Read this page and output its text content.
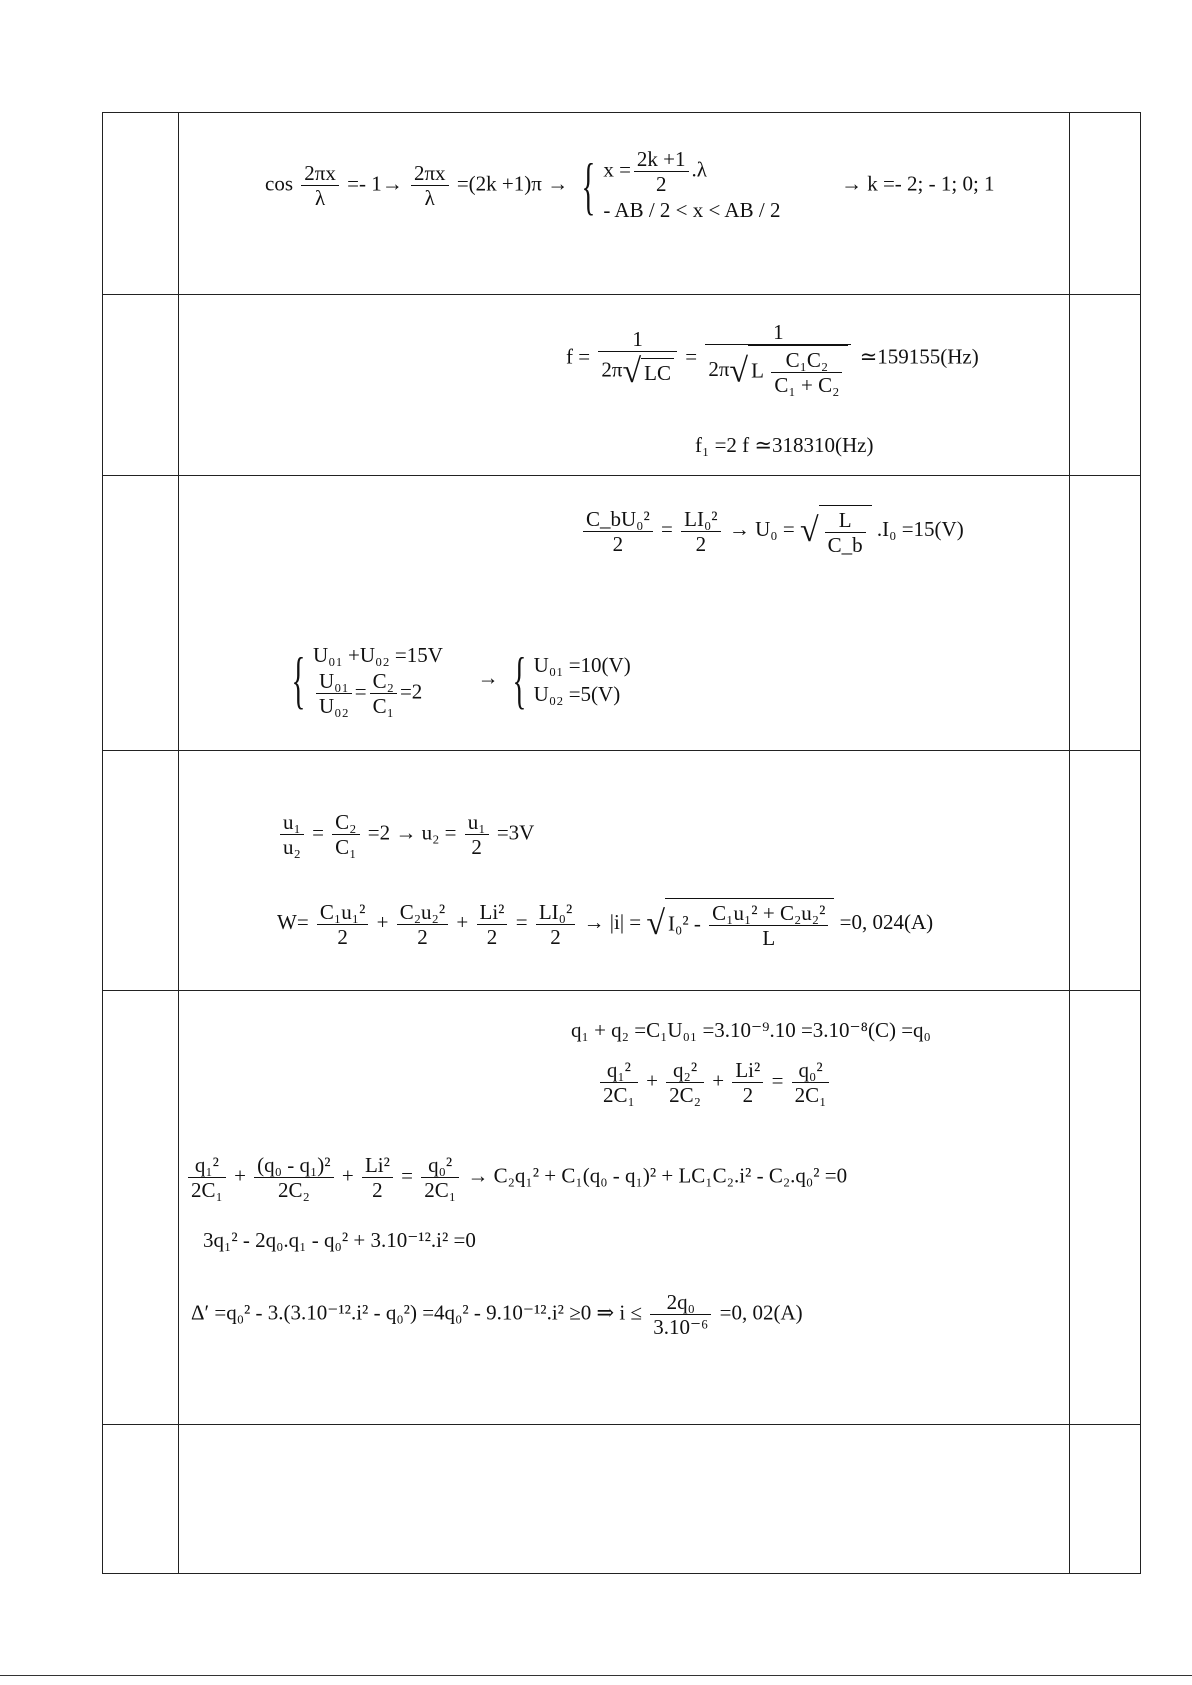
$\cos \frac{2\pi x}{\lambda} =- 1\to \frac{2\pi x}{\lambda} =(2k +1)\pi$ → { $x = \frac{2k +1}{2} .\lambda$
- AB / 2 < x < AB / 2
→ k =- 2; - 1; 0; 1
$f = \frac{1}{2\pi√ LC} = \frac{1}{2\pi√ L \frac{\text{C₁C₂}}{\text{C₁ + C₂}}}$ ≃159155(Hz)
f₁ =2 f ≃318310(Hz)
$\frac{\text{C\_bU₀²}}{2} = \frac{\text{LI₀²}}{2} \to U_0$ = √ $\frac{L}{C\_b} .I_0 =15(V)$
{ U₀₁ +U₀₂ =15V
$\frac{\text{U₀₁}}{\text{U₀₂}} = \frac{\text{C₂}}{\text{C₁}} =2$
→ { U₀₁ =10(V)
U₀₂ =5(V)
$\frac{\text{u₁}}{\text{u₂}} = \frac{\text{C₂}}{\text{C₁}} =2 \to u_2 = \frac{\text{u₁}}{2} =3V$
$W= \frac{\text{C₁u₁²}}{2} + \frac{\text{C₂u₂²}}{2} + \frac{\text{Li²}}{2} = \frac{\text{LI₀²}}{2} \to |i|$ = √ $I_0^2 - \frac{\text{C₁u₁² + C₂u₂²}}{L} =0$, 024(A)
q₁ + q₂ =C₁U₀₁ =3.10⁻⁹.10 =3.10⁻⁸(C) =q₀
$\frac{\text{q₁²}}{\text{2C₁}} + \frac{\text{q₂²}}{\text{2C₂}} + \frac{\text{Li²}}{2} = \frac{\text{q₀²}}{\text{2C₁}}$
$\frac{\text{q₁²}}{\text{2C₁}} + \frac{\text{(q₀ - q₁)²}}{\text{2C₂}} + \frac{\text{Li²}}{2} = \frac{\text{q₀²}}{\text{2C₁}} \to C_2q_1^2 + C_1(q_0 - q_1)^2 + LC_1C_2.i^2 - C_2.q_0^2 =0$
3q₁² - 2q₀.q₁ - q₀² + 3.10⁻¹².i² =0
Δ′ =q₀² - 3.(3.10⁻¹².i² - q₀²) =4q₀² - 9.10⁻¹².i² ≥0 ⇒ $i \le \frac{\text{2q₀}}{\text{3.10⁻⁶}} =0$, 02(A)
